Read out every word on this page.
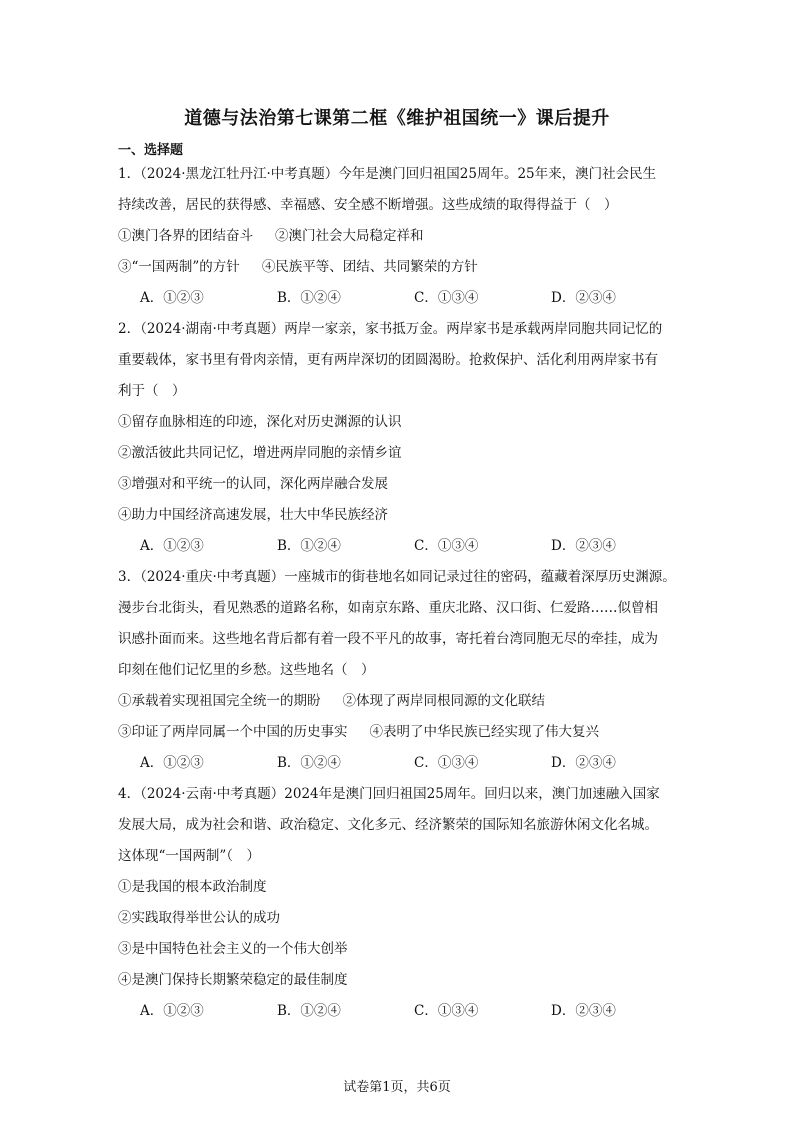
道德与法治第七课第二框《维护祖国统一》课后提升
一、选择题
1．（2024·黑龙江牡丹江·中考真题）今年是澳门回归祖国25周年。25年来，澳门社会民生
持续改善，居民的获得感、幸福感、安全感不断增强。这些成绩的取得得益于（　）
①澳门各界的团结奋斗 ②澳门社会大局稳定祥和
③“一国两制”的方针 ④民族平等、团结、共同繁荣的方针
A．①②③	B．①②④	C．①③④	D．②③④
2．（2024·湖南·中考真题）两岸一家亲，家书抵万金。两岸家书是承载两岸同胞共同记忆的
重要载体，家书里有骨肉亲情，更有两岸深切的团圆渴盼。抢救保护、活化利用两岸家书有
利于（　）
①留存血脉相连的印迹，深化对历史渊源的认识
②激活彼此共同记忆，增进两岸同胞的亲情乡谊
③增强对和平统一的认同，深化两岸融合发展
④助力中国经济高速发展，壮大中华民族经济
A．①②③	B．①②④	C．①③④	D．②③④
3．（2024·重庆·中考真题）一座城市的街巷地名如同记录过往的密码，蕴藏着深厚历史渊源。
漫步台北街头，看见熟悉的道路名称，如南京东路、重庆北路、汉口街、仁爱路……似曾相
识感扑面而来。这些地名背后都有着一段不平凡的故事，寄托着台湾同胞无尽的牵挂，成为
印刻在他们记忆里的乡愁。这些地名（　）
①承载着实现祖国完全统一的期盼 ②体现了两岸同根同源的文化联结
③印证了两岸同属一个中国的历史事实 ④表明了中华民族已经实现了伟大复兴
A．①②③	B．①②④	C．①③④	D．②③④
4．（2024·云南·中考真题）2024年是澳门回归祖国25周年。回归以来，澳门加速融入国家
发展大局，成为社会和谐、政治稳定、文化多元、经济繁荣的国际知名旅游休闲文化名城。
这体现“一国两制”（　）
①是我国的根本政治制度
②实践取得举世公认的成功
③是中国特色社会主义的一个伟大创举
④是澳门保持长期繁荣稳定的最佳制度
A．①②③	B．①②④	C．①③④	D．②③④
试卷第1页，共6页
